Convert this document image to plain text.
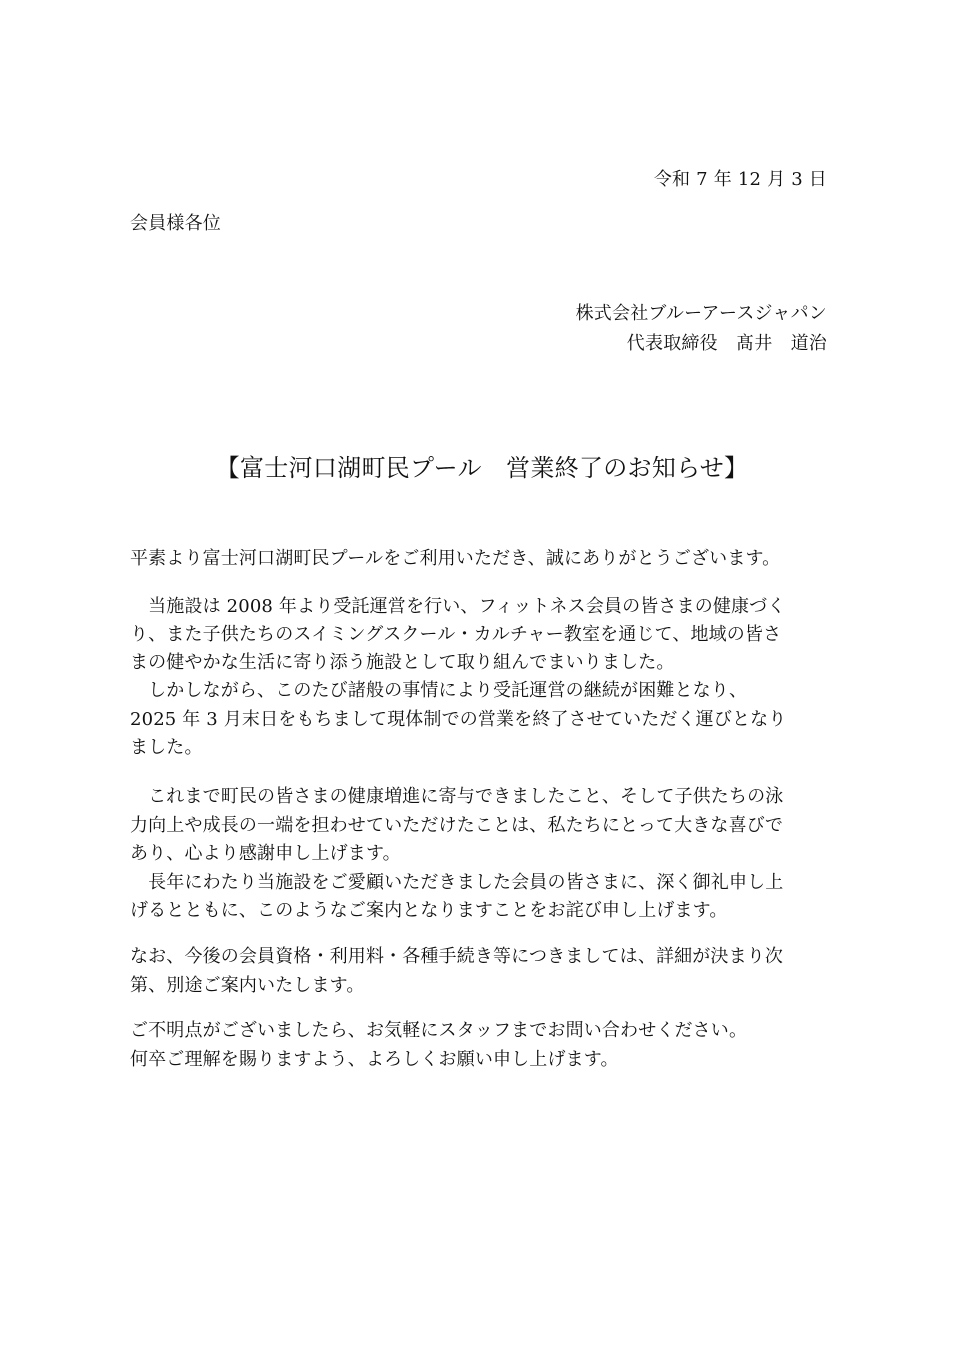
令和 7 年 12 月 3 日
会員様各位
株式会社ブルーアースジャパン
代表取締役　髙井　道治
【富士河口湖町民プール　営業終了のお知らせ】
平素より富士河口湖町民プールをご利用いただき、誠にありがとうございます。
　当施設は 2008 年より受託運営を行い、フィットネス会員の皆さまの健康づく
り、また子供たちのスイミングスクール・カルチャー教室を通じて、地域の皆さ
まの健やかな生活に寄り添う施設として取り組んでまいりました。
　しかしながら、このたび諸般の事情により受託運営の継続が困難となり、
2025 年 3 月末日をもちまして現体制での営業を終了させていただく運びとなり
ました。
　これまで町民の皆さまの健康増進に寄与できましたこと、そして子供たちの泳
力向上や成長の一端を担わせていただけたことは、私たちにとって大きな喜びで
あり、心より感謝申し上げます。
　長年にわたり当施設をご愛顧いただきました会員の皆さまに、深く御礼申し上
げるとともに、このようなご案内となりますことをお詫び申し上げます。
なお、今後の会員資格・利用料・各種手続き等につきましては、詳細が決まり次
第、別途ご案内いたします。
ご不明点がございましたら、お気軽にスタッフまでお問い合わせください。
何卒ご理解を賜りますよう、よろしくお願い申し上げます。
